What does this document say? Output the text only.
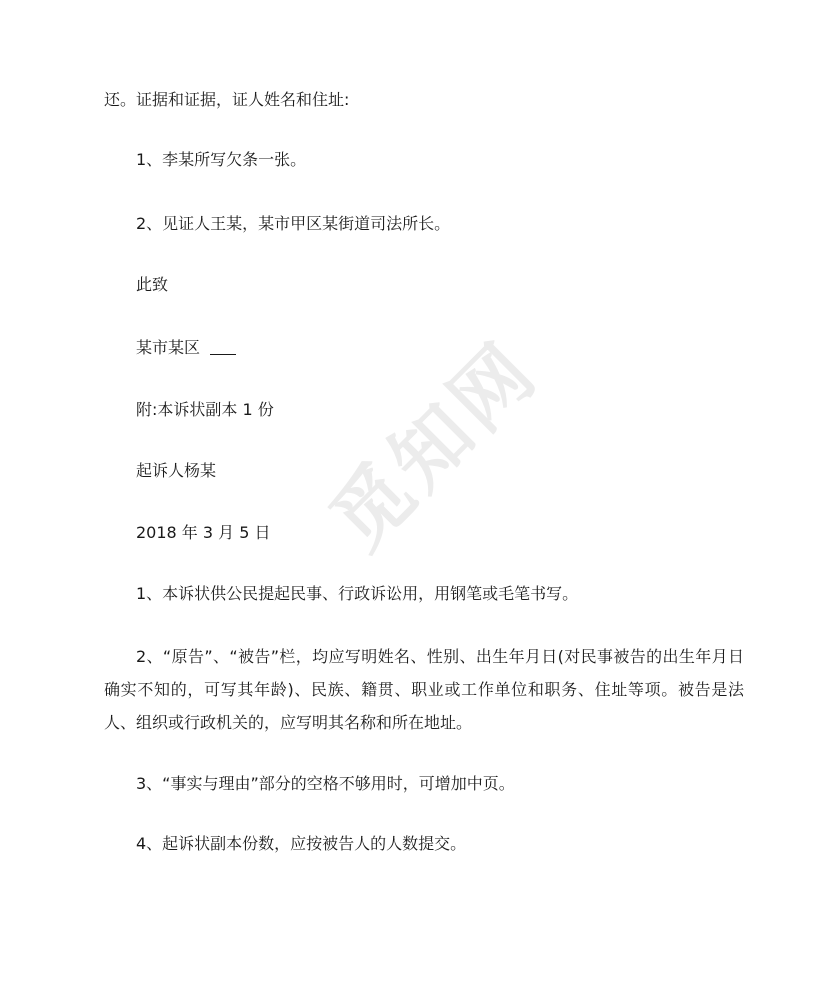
觅知网
还。证据和证据，证人姓名和住址:
1、李某所写欠条一张。
2、见证人王某，某市甲区某街道司法所长。
此致
某市某区
附:本诉状副本 1 份
起诉人杨某
2018 年 3 月 5 日
1、本诉状供公民提起民事、行政诉讼用，用钢笔或毛笔书写。
2、“原告”、“被告”栏，均应写明姓名、性别、出生年月日(对民事被告的出生年月日确实不知的，可写其年龄)、民族、籍贯、职业或工作单位和职务、住址等项。被告是法人、组织或行政机关的，应写明其名称和所在地址。
3、“事实与理由”部分的空格不够用时，可增加中页。
4、起诉状副本份数，应按被告人的人数提交。
